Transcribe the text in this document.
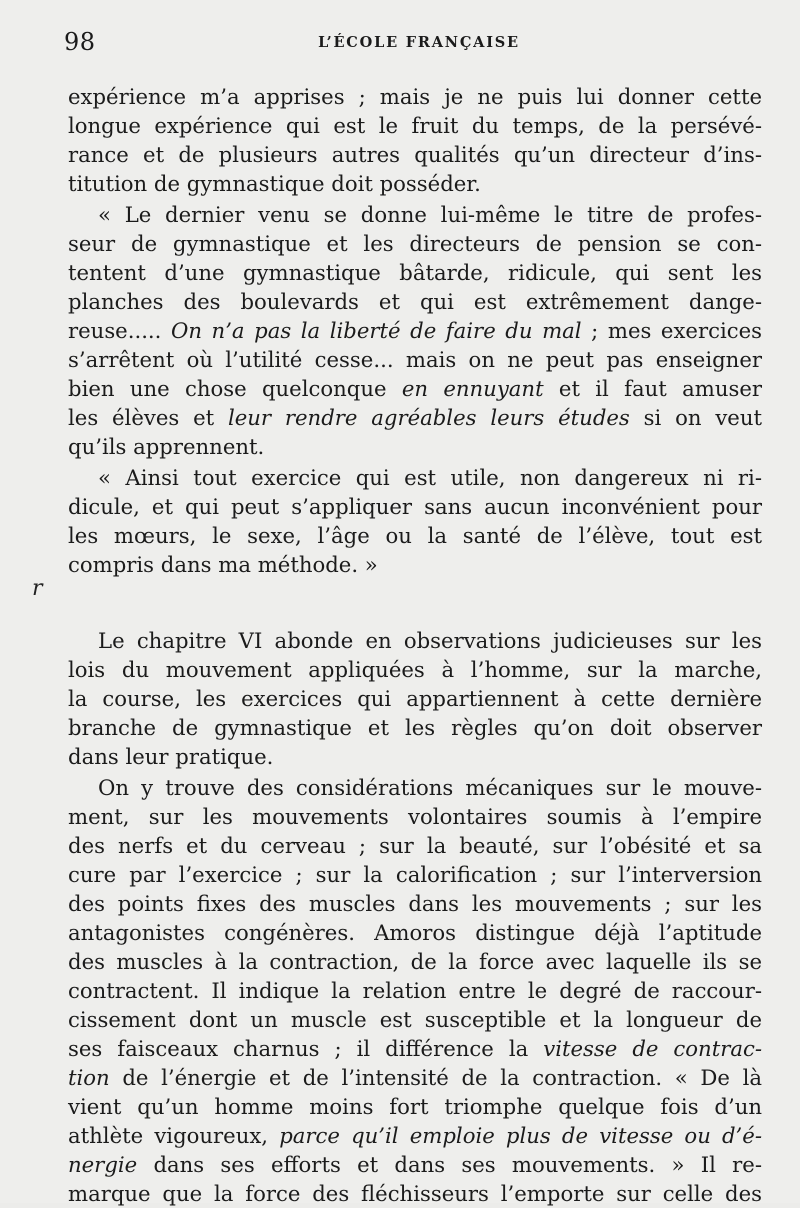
98	L’ÉCOLE FRANÇAISE
r

expérience m’a apprises ; mais je ne puis lui donner cette
longue expérience qui est le fruit du temps, de la persévé-
rance et de plusieurs autres qualités qu’un directeur d’ins-
titution de gymnastique doit posséder.

« Le dernier venu se donne lui-même le titre de profes-
seur de gymnastique et les directeurs de pension se con-
tentent d’une gymnastique bâtarde, ridicule, qui sent les
planches des boulevards et qui est extrêmement dange-
reuse..... On n’a pas la liberté de faire du mal ; mes exercices
s’arrêtent où l’utilité cesse... mais on ne peut pas enseigner
bien une chose quelconque en ennuyant et il faut amuser
les élèves et leur rendre agréables leurs études si on veut
qu’ils apprennent.

« Ainsi tout exercice qui est utile, non dangereux ni ri-
dicule, et qui peut s’appliquer sans aucun inconvénient pour
les mœurs, le sexe, l’âge ou la santé de l’élève, tout est
compris dans ma méthode. »

Le chapitre VI abonde en observations judicieuses sur les
lois du mouvement appliquées à l’homme, sur la marche,
la course, les exercices qui appartiennent à cette dernière
branche de gymnastique et les règles qu’on doit observer
dans leur pratique.

On y trouve des considérations mécaniques sur le mouve-
ment, sur les mouvements volontaires soumis à l’empire
des nerfs et du cerveau ; sur la beauté, sur l’obésité et sa
cure par l’exercice ; sur la calorification ; sur l’interversion
des points fixes des muscles dans les mouvements ; sur les
antagonistes congénères. Amoros distingue déjà l’aptitude
des muscles à la contraction, de la force avec laquelle ils se
contractent. Il indique la relation entre le degré de raccour-
cissement dont un muscle est susceptible et la longueur de
ses faisceaux charnus ; il différence la vitesse de contrac-
tion de l’énergie et de l’intensité de la contraction. « De là
vient qu’un homme moins fort triomphe quelque fois d’un
athlète vigoureux, parce qu’il emploie plus de vitesse ou d’é-
nergie dans ses efforts et dans ses mouvements. » Il re-
marque que la force des fléchisseurs l’emporte sur celle des
